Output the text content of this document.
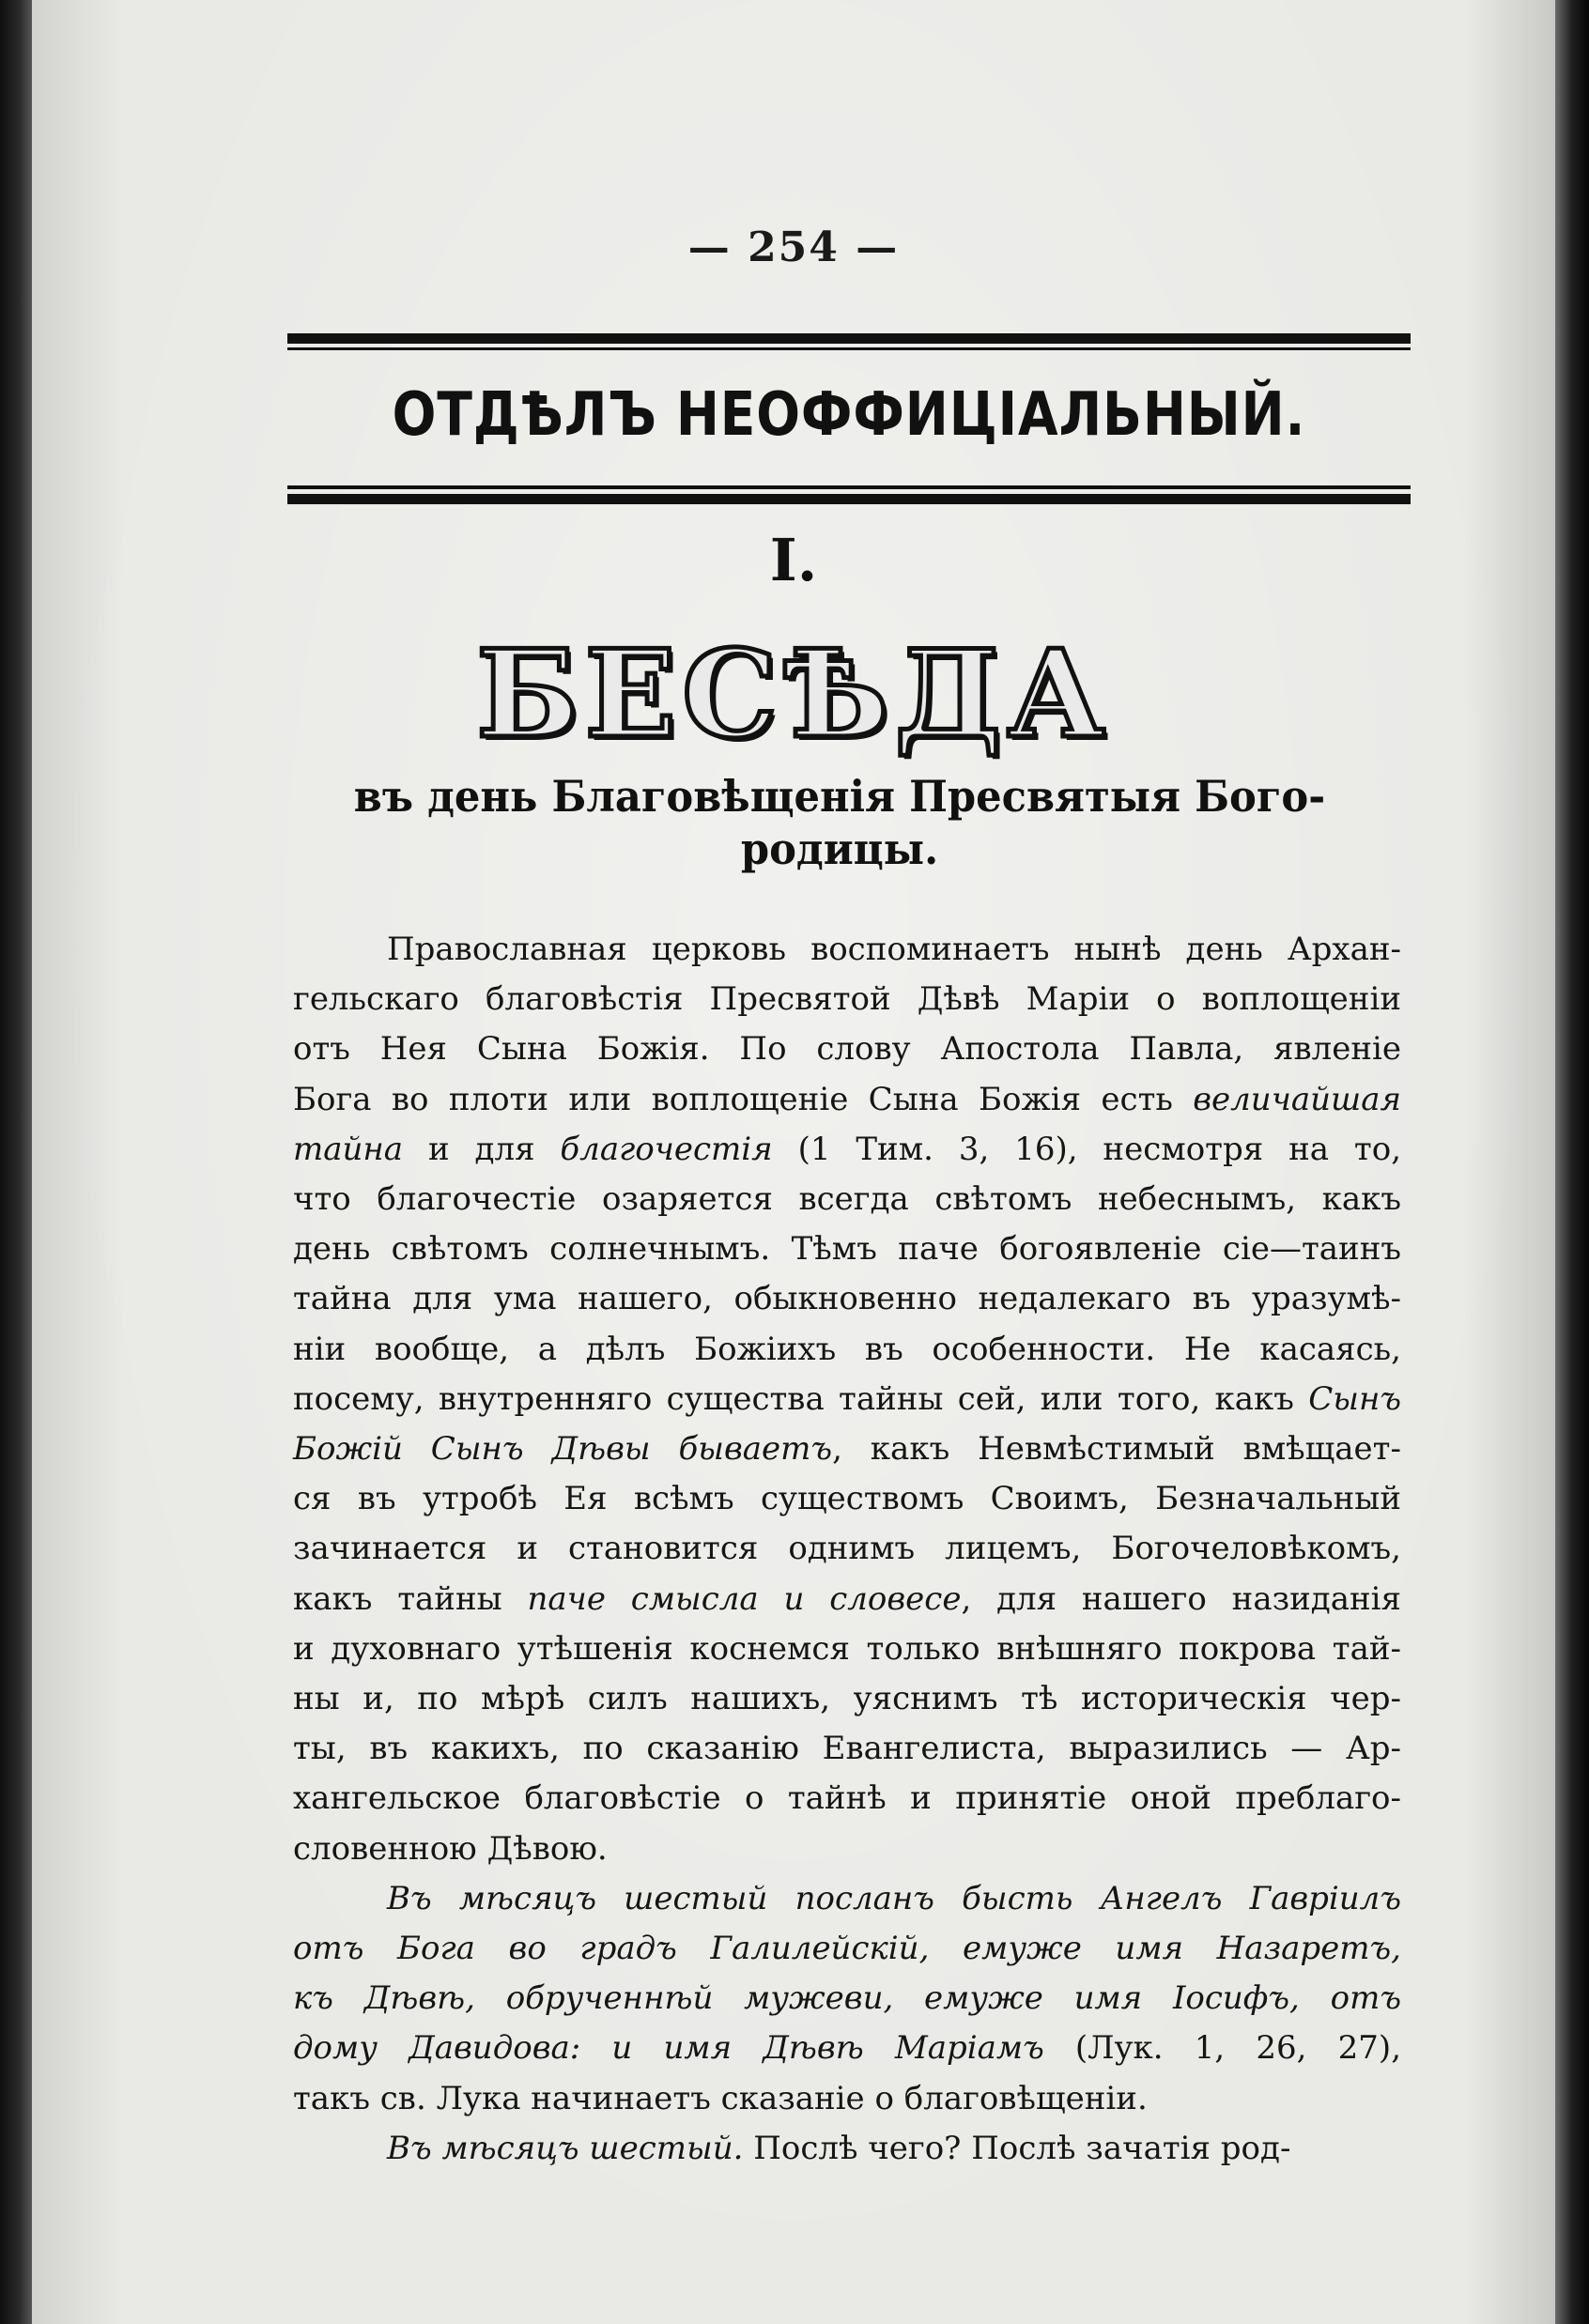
— 254 —
ОТДѢЛЪ НЕОФФИЦІАЛЬНЫЙ.
I.
БЕСѢДА
въ день Благовѣщенія Пресвятыя Бого-
родицы.
Православная церковь воспоминаетъ нынѣ день Архан-
гельскаго благовѣстія Пресвятой Дѣвѣ Маріи о воплощеніи
отъ Нея Сына Божія. По слову Апостола Павла, явленіе
Бога во плоти или воплощеніе Сына Божія есть величайшая
тайна и для благочестія (1 Тим. 3, 16), несмотря на то,
что благочестіе озаряется всегда свѣтомъ небеснымъ, какъ
день свѣтомъ солнечнымъ. Тѣмъ паче богоявленіе сіе—таинъ
тайна для ума нашего, обыкновенно недалекаго въ уразумѣ-
ніи вообще, а дѣлъ Божіихъ въ особенности. Не касаясь,
посему, внутренняго существа тайны сей, или того, какъ Сынъ
Божій Сынъ Дѣвы бываетъ, какъ Невмѣстимый вмѣщает-
ся въ утробѣ Ея всѣмъ существомъ Своимъ, Безначальный
зачинается и становится однимъ лицемъ, Богочеловѣкомъ,
какъ тайны паче смысла и словесе, для нашего назиданія
и духовнаго утѣшенія коснемся только внѣшняго покрова тай-
ны и, по мѣрѣ силъ нашихъ, уяснимъ тѣ историческія чер-
ты, въ какихъ, по сказанію Евангелиста, выразились — Ар-
хангельское благовѣстіе о тайнѣ и принятіе оной преблаго-
словенною Дѣвою.
Въ мѣсяцъ шестый посланъ бысть Ангелъ Гавріилъ
отъ Бога во градъ Галилейскій, емуже имя Назаретъ,
къ Дѣвѣ, обрученнѣй мужеви, емуже имя Іосифъ, отъ
дому Давидова: и имя Дѣвѣ Маріамъ (Лук. 1, 26, 27),
такъ св. Лука начинаетъ сказаніе о благовѣщеніи.
Въ мѣсяцъ шестый. Послѣ чего? Послѣ зачатія род-
